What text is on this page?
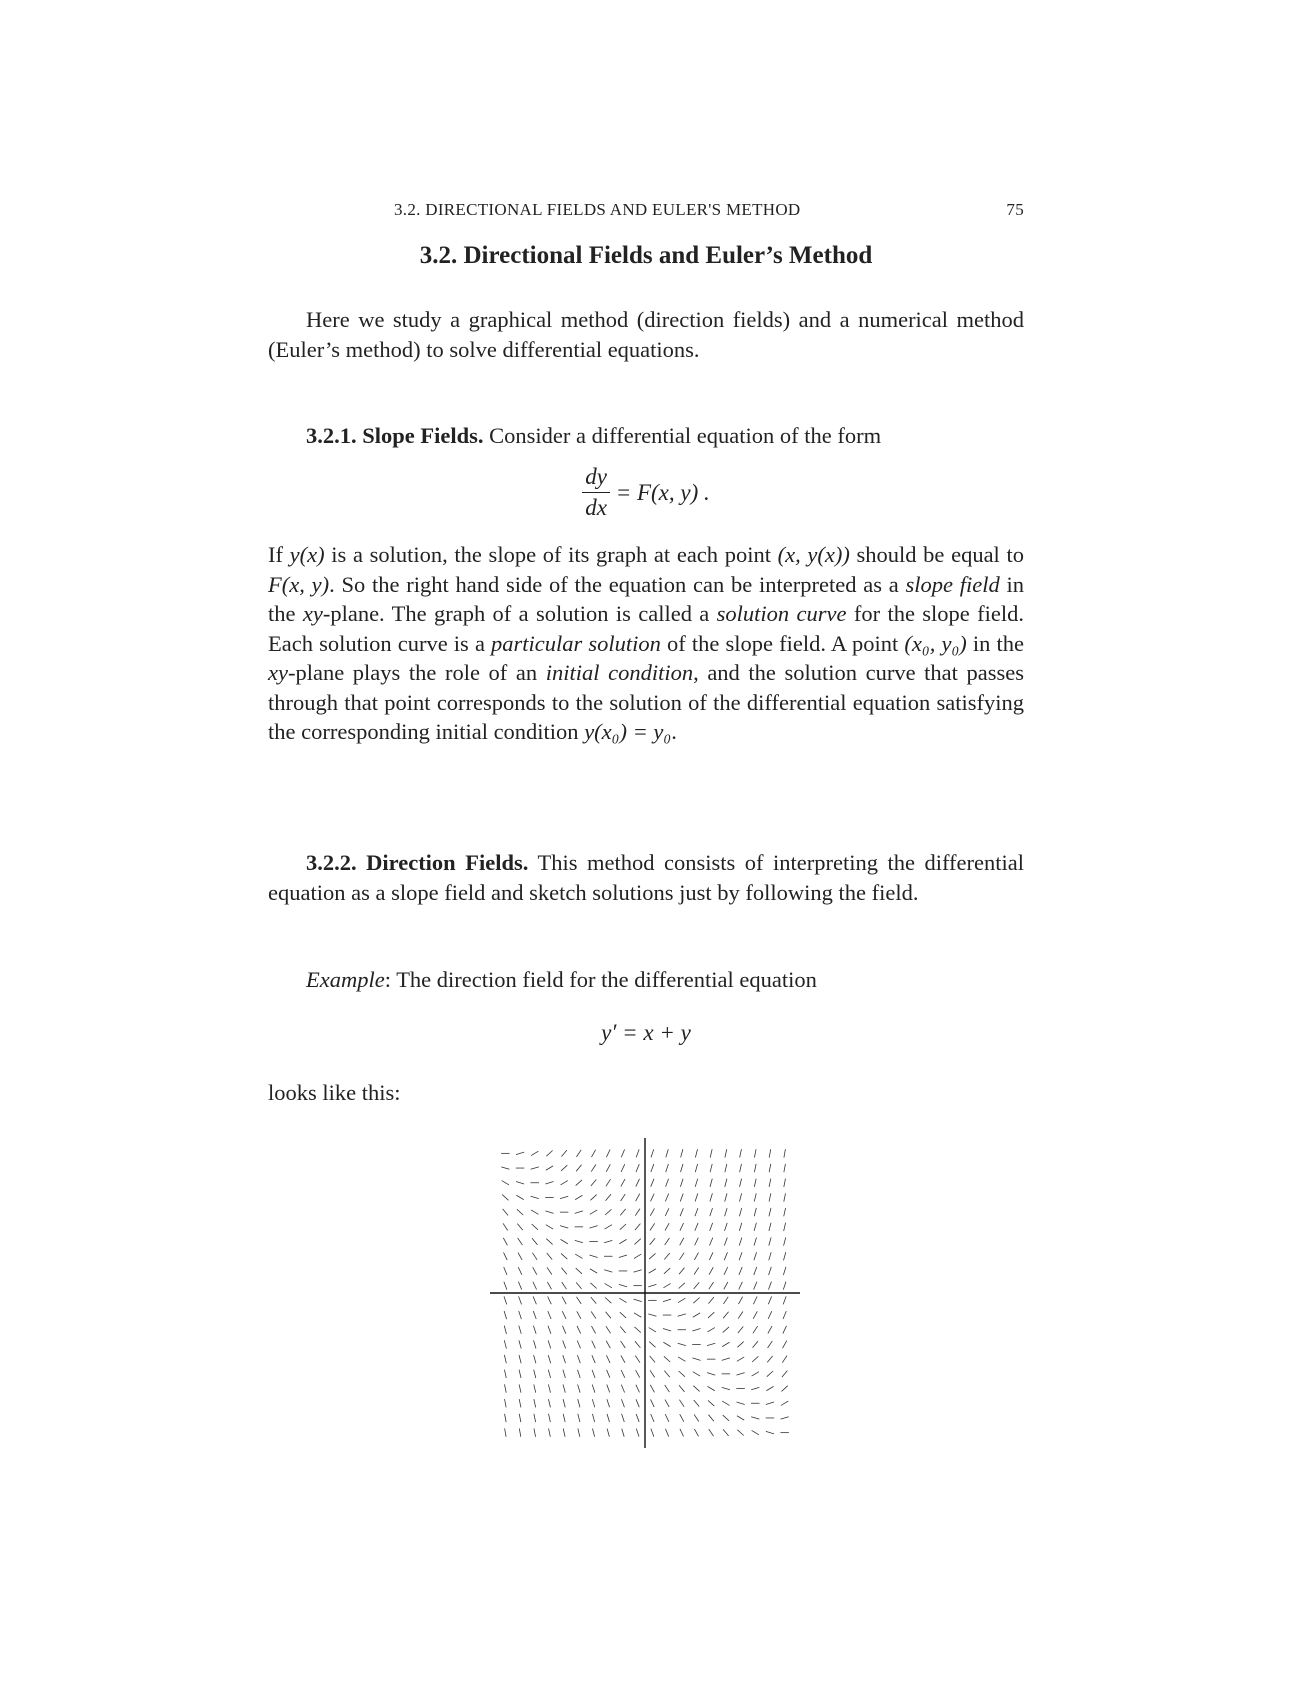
3.2. DIRECTIONAL FIELDS AND EULER'S METHOD	75
3.2. Directional Fields and Euler’s Method
Here we study a graphical method (direction fields) and a numerical method (Euler’s method) to solve differential equations.
3.2.1. Slope Fields. Consider a differential equation of the form
$\frac{dy}{dx} = F(x$, y) .
If y(x) is a solution, the slope of its graph at each point (x, y(x)) should be equal to F(x, y). So the right hand side of the equation can be interpreted as a slope field in the xy-plane. The graph of a solution is called a solution curve for the slope field. Each solution curve is a particular solution of the slope field. A point (x₀, y₀) in the xy-plane plays the role of an initial condition, and the solution curve that passes through that point corresponds to the solution of the differential equation satisfying the corresponding initial condition y(x₀) = y₀.
3.2.2. Direction Fields. This method consists of interpreting the differential equation as a slope field and sketch solutions just by following the field.
Example: The direction field for the differential equation
y′ = x + y
looks like this:
